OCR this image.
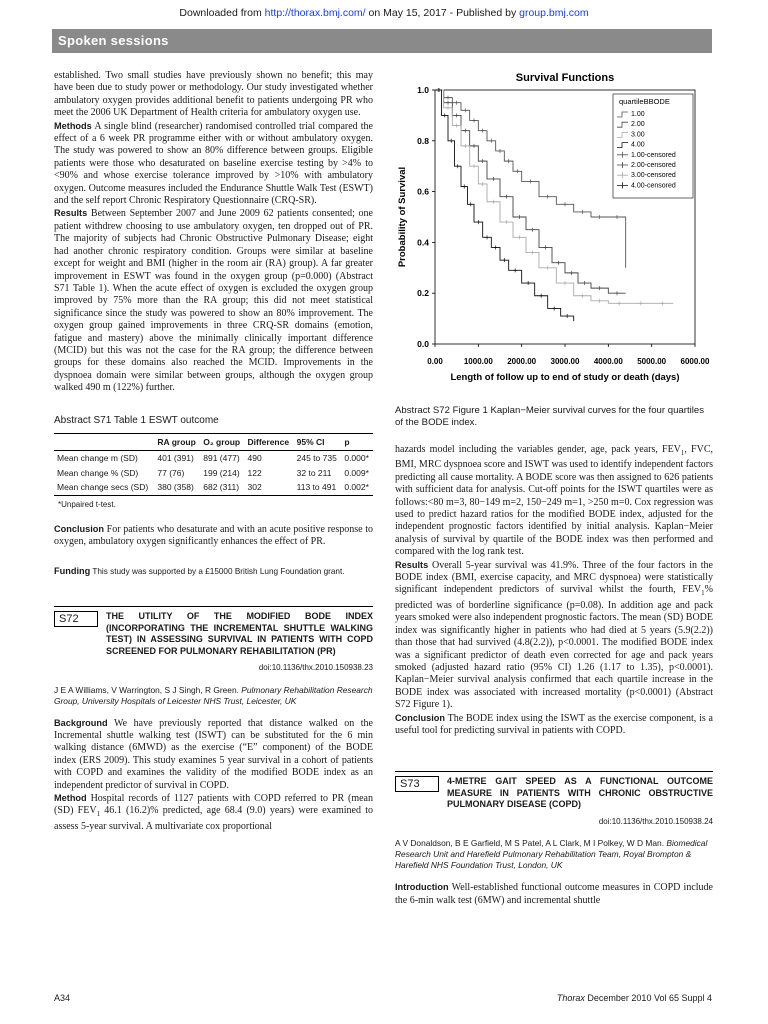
Downloaded from http://thorax.bmj.com/ on May 15, 2017 - Published by group.bmj.com
Spoken sessions

established. Two small studies have previously shown no benefit; this may have been due to study power or methodology. Our study investigated whether ambulatory oxygen provides additional benefit to patients undergoing PR who meet the 2006 UK Department of Health criteria for ambulatory oxygen use.

Methods A single blind (researcher) randomised controlled trial compared the effect of a 6 week PR programme either with or without ambulatory oxygen. The study was powered to show an 80% difference between groups. Eligible patients were those who desaturated on baseline exercise testing by >4% to <90% and whose exercise tolerance improved by >10% with ambulatory oxygen. Outcome measures included the Endurance Shuttle Walk Test (ESWT) and the self report Chronic Respiratory Questionnaire (CRQ-SR).

Results Between September 2007 and June 2009 62 patients consented; one patient withdrew choosing to use ambulatory oxygen, ten dropped out of PR. The majority of subjects had Chronic Obstructive Pulmonary Disease; eight had another chronic respiratory condition. Groups were similar at baseline except for weight and BMI (higher in the room air (RA) group). A far greater improvement in ESWT was found in the oxygen group (p=0.000) (Abstract S71 Table 1). When the acute effect of oxygen is excluded the oxygen group improved by 75% more than the RA group; this did not meet statistical significance since the study was powered to show an 80% improvement. The oxygen group gained improvements in three CRQ-SR domains (emotion, fatigue and mastery) above the minimally clinically important difference (MCID) but this was not the case for the RA group; the difference between groups for these domains also reached the MCID. Improvements in the dyspnoea domain were similar between groups, although the oxygen group walked 490 m (122%) further.

Abstract S71 Table 1 ESWT outcome
	RA group	O₂ group	Difference	95% CI	p
Mean change m (SD)	401 (391)	891 (477)	490	245 to 735	0.000*
Mean change % (SD)	77 (76)	199 (214)	122	32 to 211	0.009*
Mean change secs (SD)	380 (358)	682 (311)	302	113 to 491	0.002*
*Unpaired t-test.

Conclusion For patients who desaturate and with an acute positive response to oxygen, ambulatory oxygen significantly enhances the effect of PR.

Funding This study was supported by a £15000 British Lung Foundation grant.
S72	THE UTILITY OF THE MODIFIED BODE INDEX (INCORPORATING THE INCREMENTAL SHUTTLE WALKING TEST) IN ASSESSING SURVIVAL IN PATIENTS WITH COPD SCREENED FOR PULMONARY REHABILITATION (PR)
doi:10.1136/thx.2010.150938.23
J E A Williams, V Warrington, S J Singh, R Green. Pulmonary Rehabilitation Research Group, University Hospitals of Leicester NHS Trust, Leicester, UK

Background We have previously reported that distance walked on the Incremental shuttle walking test (ISWT) can be substituted for the 6 min walking distance (6MWD) as the exercise (“E” component) of the BODE index (ERS 2009). This study examines 5 year survival in a cohort of patients with COPD and examines the validity of the modified BODE index as an independent predictor of survival in COPD.

Method Hospital records of 1127 patients with COPD referred to PR (mean (SD) $FEV_1$ 46.1 (16.2)% predicted, age 68.4 (9.0) years) were examined to assess 5-year survival. A multivariate cox proportional

Survival Functions
0.0
0.2
0.4
0.6
0.8
1.0
0.00	1000.00 2000.00 3000.00 4000.00 5000.00 6000.00
Length of follow up to end of study or death (days)
Probability of Survival
quartileBBODE
1.00
2.00
3.00
4.00
1.00-censored
2.00-censored
3.00-censored
4.00-censored
Abstract S72 Figure 1 Kaplan−Meier survival curves for the four quartiles of the BODE index.

hazards model including the variables gender, age, pack years, $FEV_1$, FVC, BMI, MRC dyspnoea score and ISWT was used to identify independent factors predicting all cause mortality. A BODE score was then assigned to 626 patients with sufficient data for analysis. Cut-off points for the ISWT quartiles were as follows:<80 m=3, 80−149 m=2, 150−249 m=1, >250 m=0. Cox regression was used to predict hazard ratios for the modified BODE index, adjusted for the independent prognostic factors identified by initial analysis. Kaplan−Meier analysis of survival by quartile of the BODE index was then performed and compared with the log rank test.

Results Overall 5-year survival was 41.9%. Three of the four factors in the BODE index (BMI, exercise capacity, and MRC dyspnoea) were statistically significant independent predictors of survival whilst the fourth, $FEV_1\%$ predicted was of borderline significance (p=0.08). In addition age and pack years smoked were also independent prognostic factors. The mean (SD) BODE index was significantly higher in patients who had died at 5 years (5.9(2.2)) than those that had survived (4.8(2.2)), p<0.0001. The modified BODE index was a significant predictor of death even corrected for age and pack years smoked (adjusted hazard ratio (95% CI) 1.26 (1.17 to 1.35), p<0.0001). Kaplan−Meier survival analysis confirmed that each quartile increase in the BODE index was associated with increased mortality (p<0.0001) (Abstract S72 Figure 1).

Conclusion The BODE index using the ISWT as the exercise component, is a useful tool for predicting survival in patients with COPD.

S73	4-METRE GAIT SPEED AS A FUNCTIONAL OUTCOME MEASURE IN PATIENTS WITH CHRONIC OBSTRUCTIVE PULMONARY DISEASE (COPD)
doi:10.1136/thx.2010.150938.24
A V Donaldson, B E Garfield, M S Patel, A L Clark, M I Polkey, W D Man. Biomedical Research Unit and Harefield Pulmonary Rehabilitation Team, Royal Brompton & Harefield NHS Foundation Trust, London, UK

Introduction Well-established functional outcome measures in COPD include the 6-min walk test (6MW) and incremental shuttle

A34	Thorax December 2010 Vol 65 Suppl 4
